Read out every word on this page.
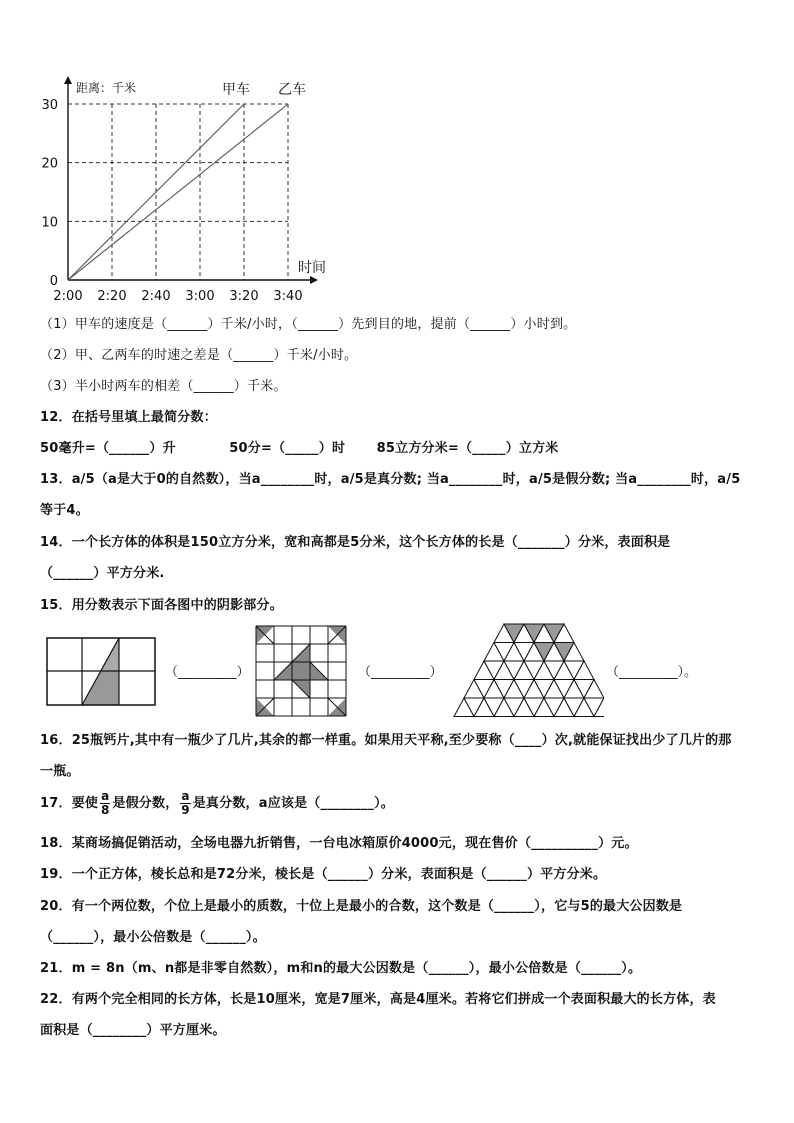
2:00 2:20 2:40 3:00 3:20 3:40
0
10
20
30
距离：千米
时间
甲车 乙车
（1）甲车的速度是（______）千米/小时，（______）先到目的地，提前（______）小时到。
（2）甲、乙两车的时速之差是（______）千米/小时。
（3）半小时两车的相差（______）千米。
12．在括号里填上最简分数：
50毫升=（______）升	50分=（_____）时 85立方分米=（_____）立方米
13．a/5（a是大于0的自然数），当a________时，a/5是真分数; 当a________时，a/5是假分数; 当a________时，a/5
等于4。
14．一个长方体的体积是150立方分米，宽和高都是5分米，这个长方体的长是（_______）分米，表面积是
（______）平方分米.
15．用分数表示下面各图中的阴影部分。
（_________）	（_________）	（_________）。
16．25瓶钙片,其中有一瓶少了几片,其余的都一样重。如果用天平称,至少要称（____）次,就能保证找出少了几片的那
一瓶。
17．要使 $\frac{a}{8}$ 是假分数， $\frac{a}{9}$ 是真分数，a应该是（________）。
18．某商场搞促销活动，全场电器九折销售，一台电冰箱原价4000元，现在售价（__________）元。
19．一个正方体，棱长总和是72分米，棱长是（______）分米，表面积是（______）平方分米。
20．有一个两位数，个位上是最小的质数，十位上是最小的合数，这个数是（______），它与5的最大公因数是
（______），最小公倍数是（______）。
21．m = 8n（m、n都是非零自然数），m和n的最大公因数是（______），最小公倍数是（______）。
22．有两个完全相同的长方体，长是10厘米，宽是7厘米，高是4厘米。若将它们拼成一个表面积最大的长方体，表
面积是（________）平方厘米。
